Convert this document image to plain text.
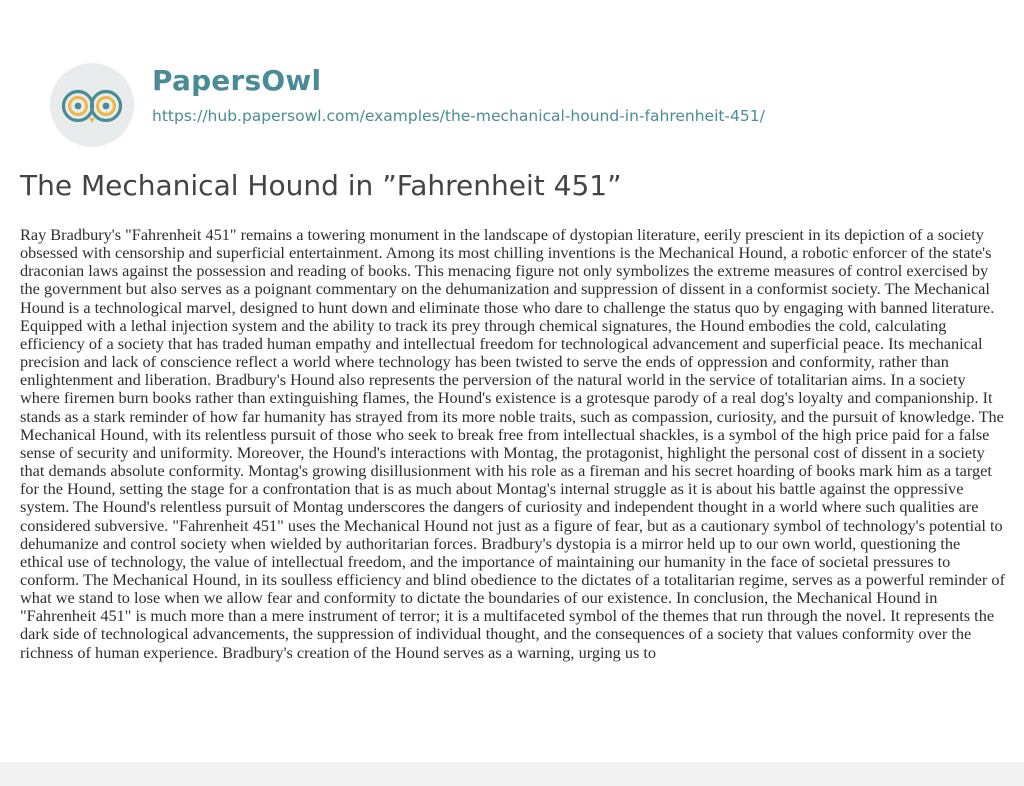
PapersOwl
https://hub.papersowl.com/examples/the-mechanical-hound-in-fahrenheit-451/
The Mechanical Hound in ”Fahrenheit 451”

Ray Bradbury's "Fahrenheit 451" remains a towering monument in the landscape of dystopian literature, eerily prescient in its depiction of a society obsessed with censorship and superficial entertainment. Among its most chilling inventions is the Mechanical Hound, a robotic enforcer of the state's draconian laws against the possession and reading of books. This menacing figure not only symbolizes the extreme measures of control exercised by the government but also serves as a poignant commentary on the dehumanization and suppression of dissent in a conformist society. The Mechanical Hound is a technological marvel, designed to hunt down and eliminate those who dare to challenge the status quo by engaging with banned literature. Equipped with a lethal injection system and the ability to track its prey through chemical signatures, the Hound embodies the cold, calculating efficiency of a society that has traded human empathy and intellectual freedom for technological advancement and superficial peace. Its mechanical precision and lack of conscience reflect a world where technology has been twisted to serve the ends of oppression and conformity, rather than enlightenment and liberation. Bradbury's Hound also represents the perversion of the natural world in the service of totalitarian aims. In a society where firemen burn books rather than extinguishing flames, the Hound's existence is a grotesque parody of a real dog's loyalty and companionship. It stands as a stark reminder of how far humanity has strayed from its more noble traits, such as compassion, curiosity, and the pursuit of knowledge. The Mechanical Hound, with its relentless pursuit of those who seek to break free from intellectual shackles, is a symbol of the high price paid for a false sense of security and uniformity. Moreover, the Hound's interactions with Montag, the protagonist, highlight the personal cost of dissent in a society that demands absolute conformity. Montag's growing disillusionment with his role as a fireman and his secret hoarding of books mark him as a target for the Hound, setting the stage for a confrontation that is as much about Montag's internal struggle as it is about his battle against the oppressive system. The Hound's relentless pursuit of Montag underscores the dangers of curiosity and independent thought in a world where such qualities are considered subversive. "Fahrenheit 451" uses the Mechanical Hound not just as a figure of fear, but as a cautionary symbol of technology's potential to dehumanize and control society when wielded by authoritarian forces. Bradbury's dystopia is a mirror held up to our own world, questioning the ethical use of technology, the value of intellectual freedom, and the importance of maintaining our humanity in the face of societal pressures to conform. The Mechanical Hound, in its soulless efficiency and blind obedience to the dictates of a totalitarian regime, serves as a powerful reminder of what we stand to lose when we allow fear and conformity to dictate the boundaries of our existence. In conclusion, the Mechanical Hound in "Fahrenheit 451" is much more than a mere instrument of terror; it is a multifaceted symbol of the themes that run through the novel. It represents the dark side of technological advancements, the suppression of individual thought, and the consequences of a society that values conformity over the richness of human experience. Bradbury's creation of the Hound serves as a warning, urging us to
